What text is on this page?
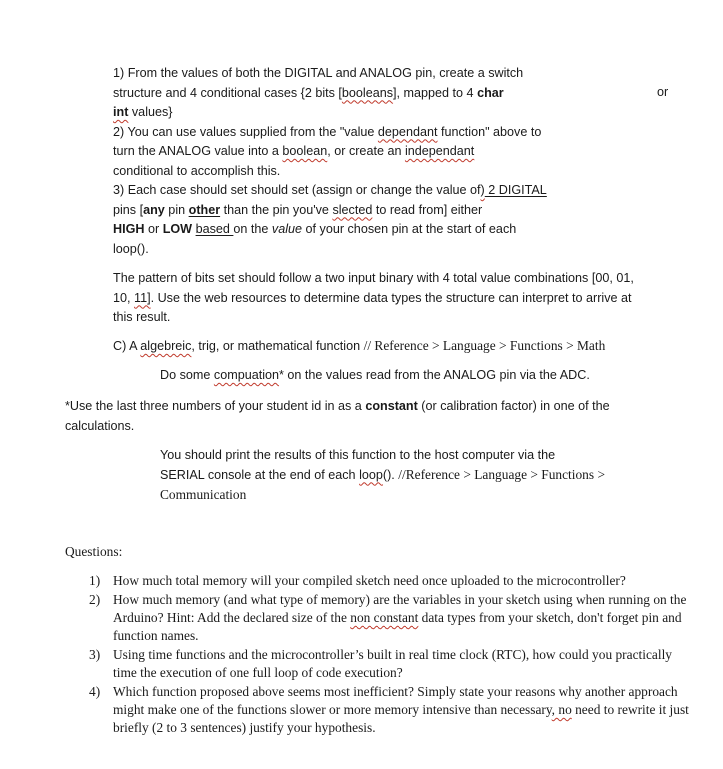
1) From the values of both the DIGITAL and ANALOG pin, create a switch
structure and 4 conditional cases {2 bits [booleans], mapped to 4 char
int values}
2) You can use values supplied from the "value dependant function" above to
turn the ANALOG value into a boolean, or create an independant
conditional to accomplish this.
3) Each case should set should set (assign or change the value of) 2 DIGITAL
pins [any pin other than the pin you've slected to read from] either
HIGH or LOW based on the value of your chosen pin at the start of each
loop().
or
The pattern of bits set should follow a two input binary with 4 total value combinations [00, 01,
10, 11]. Use the web resources to determine data types the structure can interpret to arrive at
this result.
C) A algebreic, trig, or mathematical function // Reference > Language > Functions > Math
Do some compuation* on the values read from the ANALOG pin via the ADC.
*Use the last three numbers of your student id in as a constant (or calibration factor) in one of the
calculations.
You should print the results of this function to the host computer via the
SERIAL console at the end of each loop(). //Reference > Language > Functions >
Communication
Questions:
1) How much total memory will your compiled sketch need once uploaded to the microcontroller?
2) How much memory (and what type of memory) are the variables in your sketch using when running on the Arduino? Hint: Add the declared size of the non constant data types from your sketch, don't forget pin and function names.
3) Using time functions and the microcontroller’s built in real time clock (RTC), how could you practically time the execution of one full loop of code execution?
4) Which function proposed above seems most inefficient? Simply state your reasons why another approach might make one of the functions slower or more memory intensive than necessary, no need to rewrite it just briefly (2 to 3 sentences) justify your hypothesis.
